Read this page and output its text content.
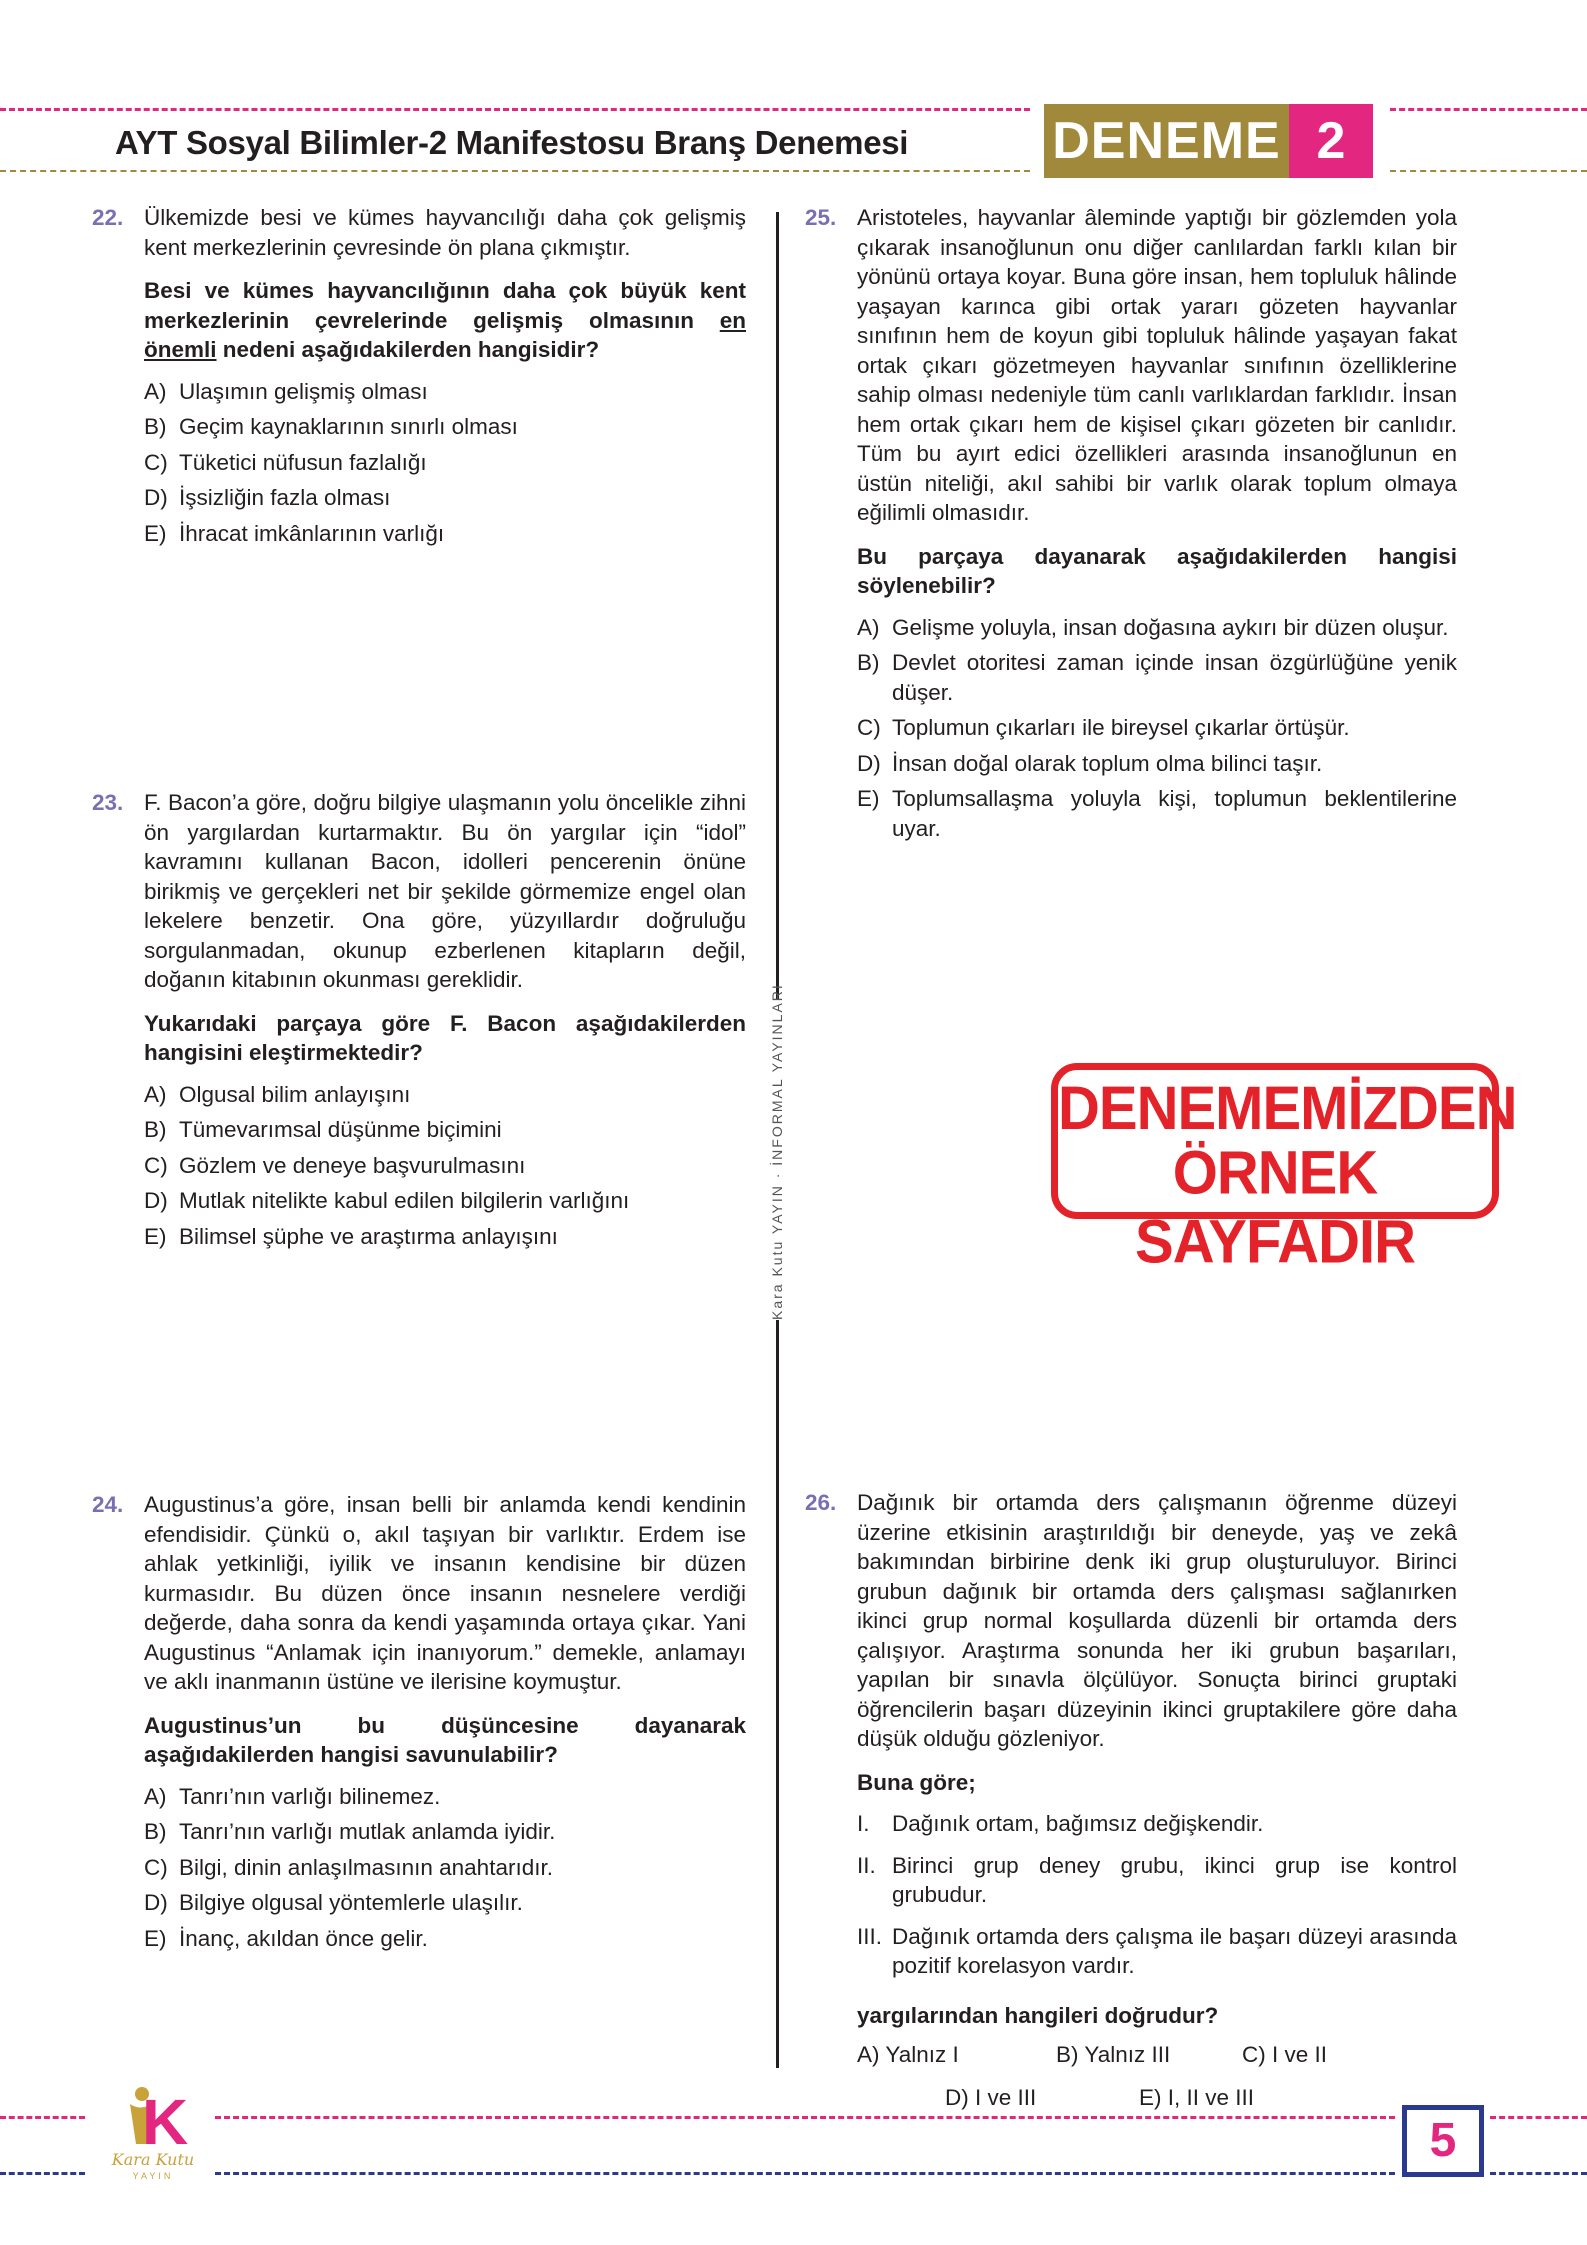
AYT Sosyal Bilimler-2 Manifestosu Branş Denemesi	DENEME 2
22. Ülkemizde besi ve kümes hayvancılığı daha çok gelişmiş kent merkezlerinin çevresinde ön plana çıkmıştır.

Besi ve kümes hayvancılığının daha çok büyük kent merkezlerinin çevrelerinde gelişmiş olmasının en önemli nedeni aşağıdakilerden hangisidir?

A) Ulaşımın gelişmiş olması
B) Geçim kaynaklarının sınırlı olması
C) Tüketici nüfusun fazlalığı
D) İşsizliğin fazla olması
E) İhracat imkânlarının varlığı
23. F. Bacon’a göre, doğru bilgiye ulaşmanın yolu öncelikle zihni ön yargılardan kurtarmaktır. Bu ön yargılar için “idol” kavramını kullanan Bacon, idolleri pencerenin önüne birikmiş ve gerçekleri net bir şekilde görmemize engel olan lekelere benzetir. Ona göre, yüzyıllardır doğruluğu sorgulanmadan, okunup ezberlenen kitapların değil, doğanın kitabının okunması gereklidir.

Yukarıdaki parçaya göre F. Bacon aşağıdakilerden hangisini eleştirmektedir?

A) Olgusal bilim anlayışını
B) Tümevarımsal düşünme biçimini
C) Gözlem ve deneye başvurulmasını
D) Mutlak nitelikte kabul edilen bilgilerin varlığını
E) Bilimsel şüphe ve araştırma anlayışını
24. Augustinus’a göre, insan belli bir anlamda kendi kendinin efendisidir. Çünkü o, akıl taşıyan bir varlıktır. Erdem ise ahlak yetkinliği, iyilik ve insanın kendisine bir düzen kurmasıdır. Bu düzen önce insanın nesnelere verdiği değerde, daha sonra da kendi yaşamında ortaya çıkar. Yani Augustinus “Anlamak için inanıyorum.” demekle, anlamayı ve aklı inanmanın üstüne ve ilerisine koymuştur.

Augustinus’un bu düşüncesine dayanarak aşağıdakilerden hangisi savunulabilir?

A) Tanrı’nın varlığı bilinemez.
B) Tanrı’nın varlığı mutlak anlamda iyidir.
C) Bilgi, dinin anlaşılmasının anahtarıdır.
D) Bilgiye olgusal yöntemlerle ulaşılır.
E) İnanç, akıldan önce gelir.
Kara Kutu YAYIN · İNFORMAL YAYINLARI
25. Aristoteles, hayvanlar âleminde yaptığı bir gözlemden yola çıkarak insanoğlunun onu diğer canlılardan farklı kılan bir yönünü ortaya koyar. Buna göre insan, hem topluluk hâlinde yaşayan karınca gibi ortak yararı gözeten hayvanlar sınıfının hem de koyun gibi topluluk hâlinde yaşayan fakat ortak çıkarı gözetmeyen hayvanlar sınıfının özelliklerine sahip olması nedeniyle tüm canlı varlıklardan farklıdır. İnsan hem ortak çıkarı hem de kişisel çıkarı gözeten bir canlıdır. Tüm bu ayırt edici özellikleri arasında insanoğlunun en üstün niteliği, akıl sahibi bir varlık olarak toplum olmaya eğilimli olmasıdır.

Bu parçaya dayanarak aşağıdakilerden hangisi söylenebilir?

A) Gelişme yoluyla, insan doğasına aykırı bir düzen oluşur.
B) Devlet otoritesi zaman içinde insan özgürlüğüne yenik düşer.
C) Toplumun çıkarları ile bireysel çıkarlar örtüşür.
D) İnsan doğal olarak toplum olma bilinci taşır.
E) Toplumsallaşma yoluyla kişi, toplumun beklentilerine uyar.
DENEMEMİZDEN
ÖRNEK SAYFADIR
26. Dağınık bir ortamda ders çalışmanın öğrenme düzeyi üzerine etkisinin araştırıldığı bir deneyde, yaş ve zekâ bakımından birbirine denk iki grup oluşturuluyor. Birinci grubun dağınık bir ortamda ders çalışması sağlanırken ikinci grup normal koşullarda düzenli bir ortamda ders çalışıyor. Araştırma sonunda her iki grubun başarıları, yapılan bir sınavla ölçülüyor. Sonuçta birinci gruptaki öğrencilerin başarı düzeyinin ikinci gruptakilere göre daha düşük olduğu gözleniyor.

Buna göre;

I. Dağınık ortam, bağımsız değişkendir.
II. Birinci grup deney grubu, ikinci grup ise kontrol grubudur.
III. Dağınık ortamda ders çalışma ile başarı düzeyi arasında pozitif korelasyon vardır.

yargılarından hangileri doğrudur?

A) Yalnız I	B) Yalnız III	C) I ve II
D) I ve III	E) I, II ve III
K
Kara Kutu
YAYIN
5
